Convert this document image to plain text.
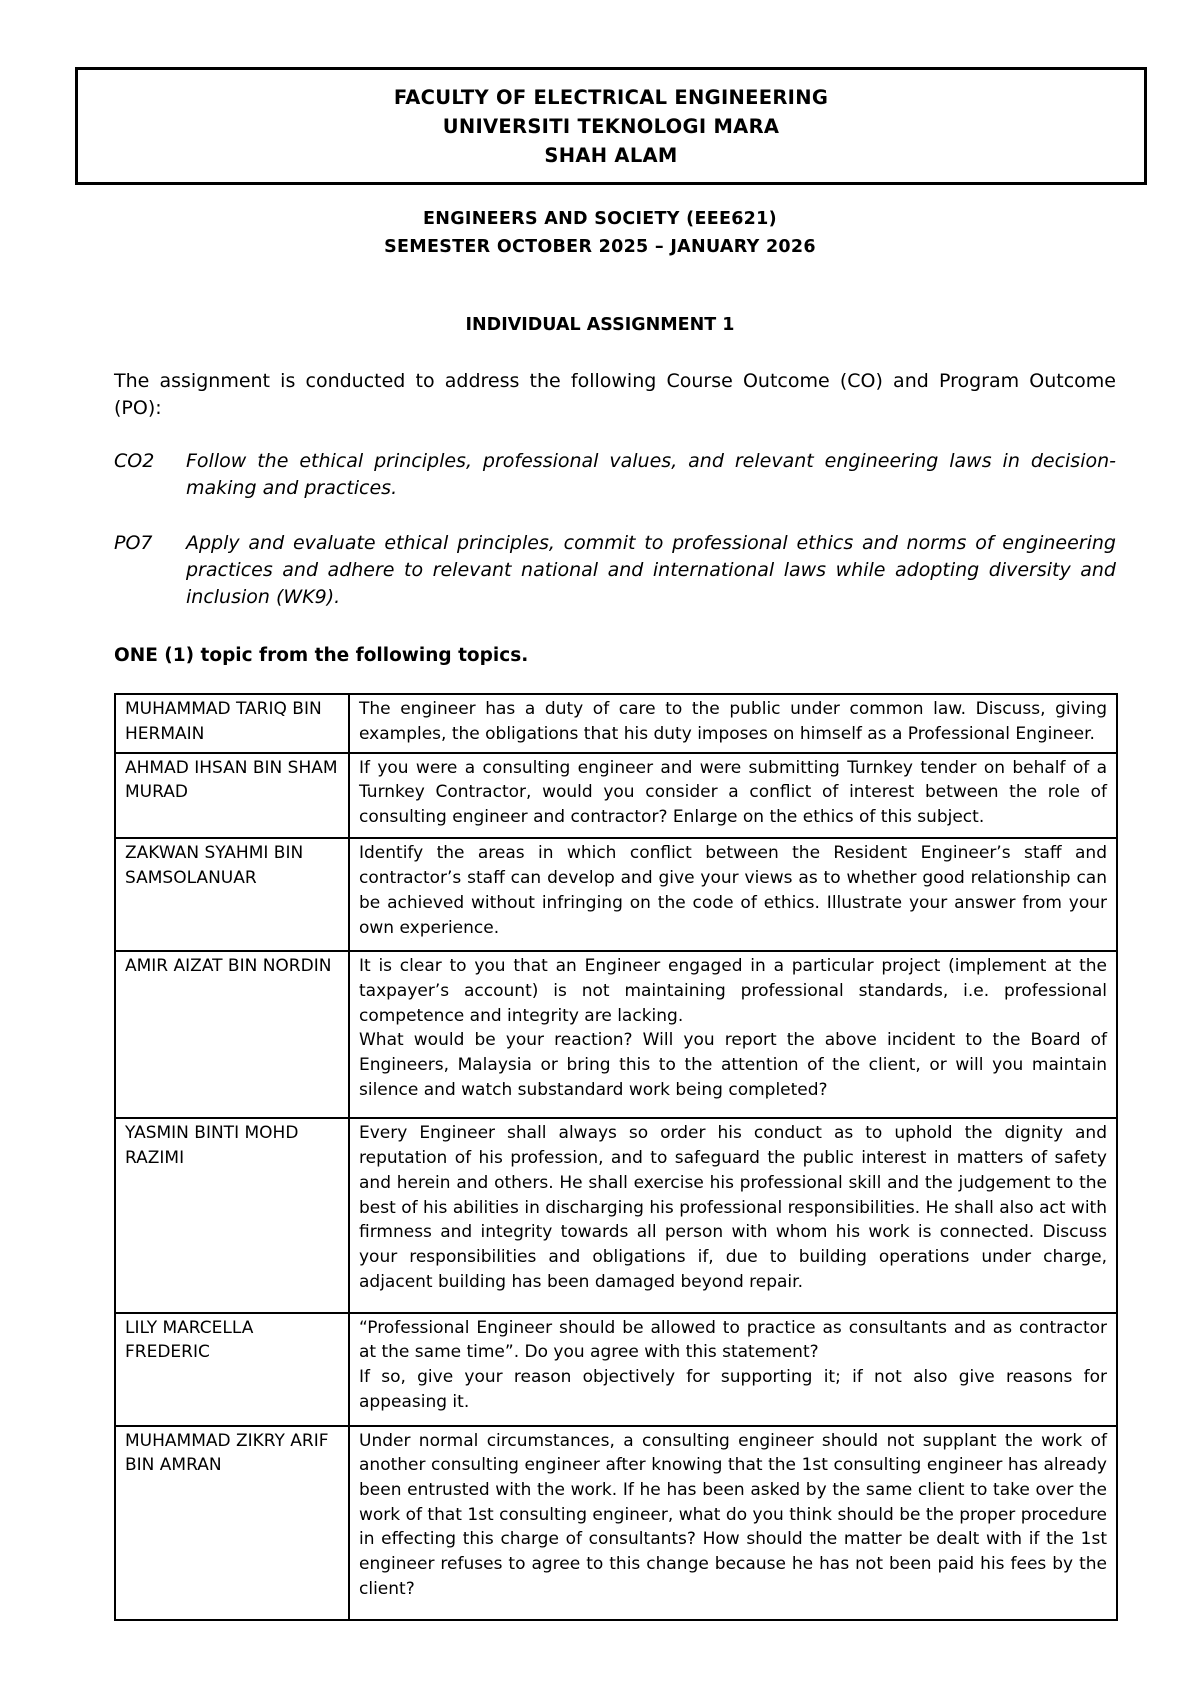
FACULTY OF ELECTRICAL ENGINEERING
UNIVERSITI TEKNOLOGI MARA
SHAH ALAM
ENGINEERS AND SOCIETY (EEE621)
SEMESTER OCTOBER 2025 – JANUARY 2026
INDIVIDUAL ASSIGNMENT 1
The assignment is conducted to address the following Course Outcome (CO) and Program Outcome (PO):
CO2	Follow the ethical principles, professional values, and relevant engineering laws in decision-making and practices.
PO7	Apply and evaluate ethical principles, commit to professional ethics and norms of engineering practices and adhere to relevant national and international laws while adopting diversity and inclusion (WK9).
ONE (1) topic from the following topics.
MUHAMMAD TARIQ BIN HERMAIN	The engineer has a duty of care to the public under common law. Discuss, giving examples, the obligations that his duty imposes on himself as a Professional Engineer.

AHMAD IHSAN BIN SHAM MURAD	If you were a consulting engineer and were submitting Turnkey tender on behalf of a Turnkey Contractor, would you consider a conflict of interest between the role of consulting engineer and contractor? Enlarge on the ethics of this subject.

ZAKWAN SYAHMI BIN SAMSOLANUAR	Identify the areas in which conflict between the Resident Engineer’s staff and contractor’s staff can develop and give your views as to whether good relationship can be achieved without infringing on the code of ethics. Illustrate your answer from your own experience.

AMIR AIZAT BIN NORDIN	It is clear to you that an Engineer engaged in a particular project (implement at the taxpayer’s account) is not maintaining professional standards, i.e. professional competence and integrity are lacking.
What would be your reaction? Will you report the above incident to the Board of Engineers, Malaysia or bring this to the attention of the client, or will you maintain silence and watch substandard work being completed?

YASMIN BINTI MOHD RAZIMI	Every Engineer shall always so order his conduct as to uphold the dignity and reputation of his profession, and to safeguard the public interest in matters of safety and herein and others. He shall exercise his professional skill and the judgement to the best of his abilities in discharging his professional responsibilities. He shall also act with firmness and integrity towards all person with whom his work is connected. Discuss your responsibilities and obligations if, due to building operations under charge, adjacent building has been damaged beyond repair.

LILY MARCELLA FREDERIC	“Professional Engineer should be allowed to practice as consultants and as contractor at the same time”. Do you agree with this statement?
If so, give your reason objectively for supporting it; if not also give reasons for appeasing it.

MUHAMMAD ZIKRY ARIF BIN AMRAN	Under normal circumstances, a consulting engineer should not supplant the work of another consulting engineer after knowing that the 1st consulting engineer has already been entrusted with the work. If he has been asked by the same client to take over the work of that 1st consulting engineer, what do you think should be the proper procedure in effecting this charge of consultants? How should the matter be dealt with if the 1st engineer refuses to agree to this change because he has not been paid his fees by the client?
